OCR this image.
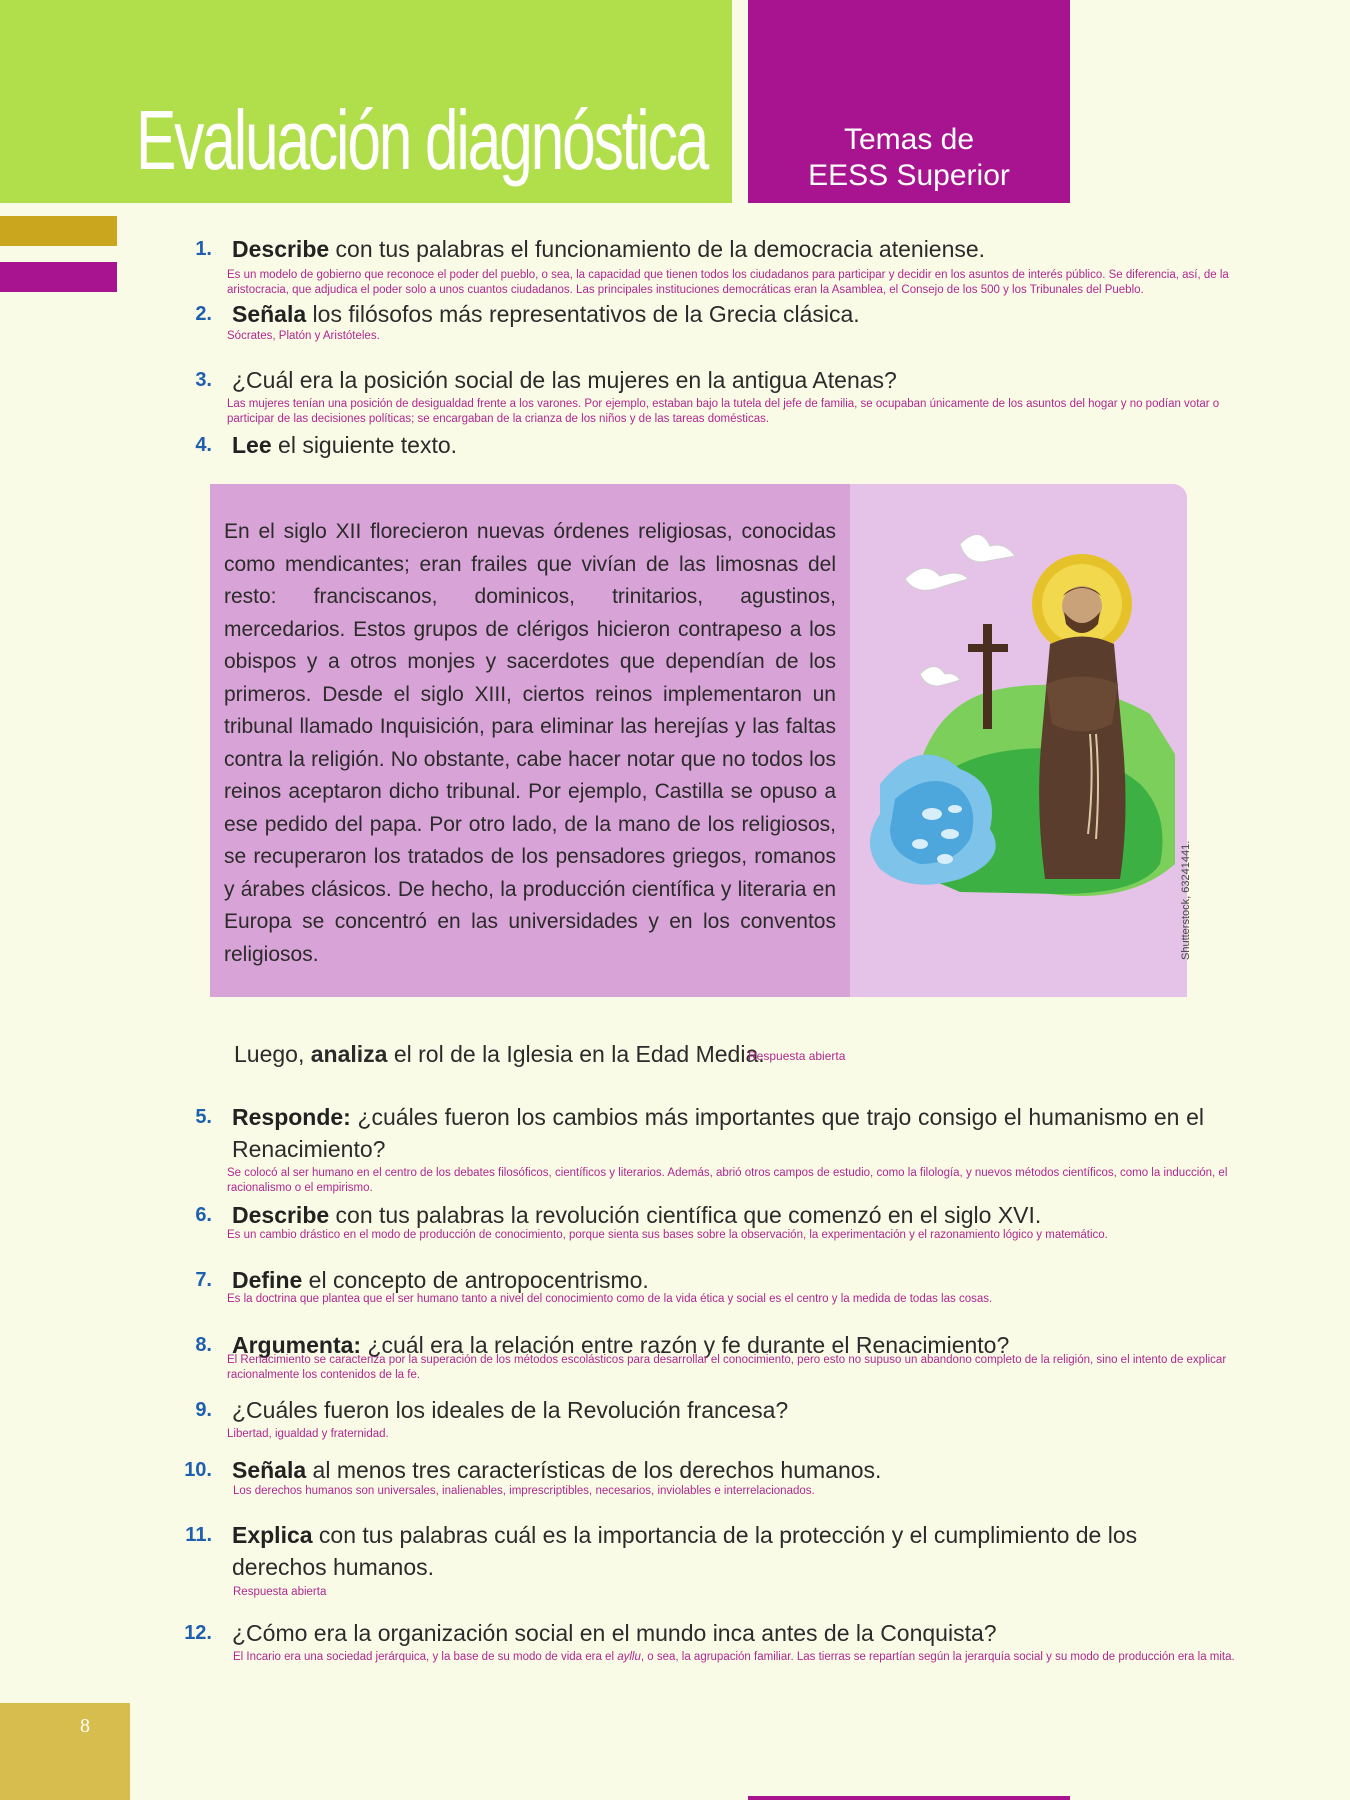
Evaluación diagnóstica	Temas de
EESS Superior
1. Describe con tus palabras el funcionamiento de la democracia ateniense.
Es un modelo de gobierno que reconoce el poder del pueblo, o sea, la capacidad que tienen todos los ciudadanos para participar y decidir en los asuntos de interés público. Se diferencia, así, de la aristocracia, que adjudica el poder solo a unos cuantos ciudadanos. Las principales instituciones democráticas eran la Asamblea, el Consejo de los 500 y los Tribunales del Pueblo.
2. Señala los filósofos más representativos de la Grecia clásica.
Sócrates, Platón y Aristóteles.
3. ¿Cuál era la posición social de las mujeres en la antigua Atenas?
Las mujeres tenían una posición de desigualdad frente a los varones. Por ejemplo, estaban bajo la tutela del jefe de familia, se ocupaban únicamente de los asuntos del hogar y no podían votar o participar de las decisiones políticas; se encargaban de la crianza de los niños y de las tareas domésticas.
4. Lee el siguiente texto.
En el siglo XII florecieron nuevas órdenes religiosas, conocidas como mendicantes; eran frailes que vivían de las limosnas del resto: franciscanos, dominicos, trinitarios, agustinos, mercedarios. Estos grupos de clérigos hicieron contrapeso a los obispos y a otros monjes y sacerdotes que dependían de los primeros. Desde el siglo XIII, ciertos reinos implementaron un tribunal llamado Inquisición, para eliminar las herejías y las faltas contra la religión. No obstante, cabe hacer notar que no todos los reinos aceptaron dicho tribunal. Por ejemplo, Castilla se opuso a ese pedido del papa. Por otro lado, de la mano de los religiosos, se recuperaron los tratados de los pensadores griegos, romanos y árabes clásicos. De hecho, la producción científica y literaria en Europa se concentró en las universidades y en los conventos religiosos.	Shutterstock, 63241441.
Luego, analiza el rol de la Iglesia en la Edad Media.
Respuesta abierta
5. Responde: ¿cuáles fueron los cambios más importantes que trajo consigo el humanismo en el Renacimiento?
Se colocó al ser humano en el centro de los debates filosóficos, científicos y literarios. Además, abrió otros campos de estudio, como la filología, y nuevos métodos científicos, como la inducción, el racionalismo o el empirismo.
6. Describe con tus palabras la revolución científica que comenzó en el siglo XVI.
Es un cambio drástico en el modo de producción de conocimiento, porque sienta sus bases sobre la observación, la experimentación y el razonamiento lógico y matemático.
7. Define el concepto de antropocentrismo.
Es la doctrina que plantea que el ser humano tanto a nivel del conocimiento como de la vida ética y social es el centro y la medida de todas las cosas.
8. Argumenta: ¿cuál era la relación entre razón y fe durante el Renacimiento?
El Renacimiento se caracteriza por la superación de los métodos escolásticos para desarrollar el conocimiento, pero esto no supuso un abandono completo de la religión, sino el intento de explicar racionalmente los contenidos de la fe.
9. ¿Cuáles fueron los ideales de la Revolución francesa?
Libertad, igualdad y fraternidad.
10. Señala al menos tres características de los derechos humanos.
Los derechos humanos son universales, inalienables, imprescriptibles, necesarios, inviolables e interrelacionados.
11. Explica con tus palabras cuál es la importancia de la protección y el cumplimiento de los derechos humanos.
Respuesta abierta
12. ¿Cómo era la organización social en el mundo inca antes de la Conquista?
El Incario era una sociedad jerárquica, y la base de su modo de vida era el ayllu, o sea, la agrupación familiar. Las tierras se repartían según la jerarquía social y su modo de producción era la mita.
8
